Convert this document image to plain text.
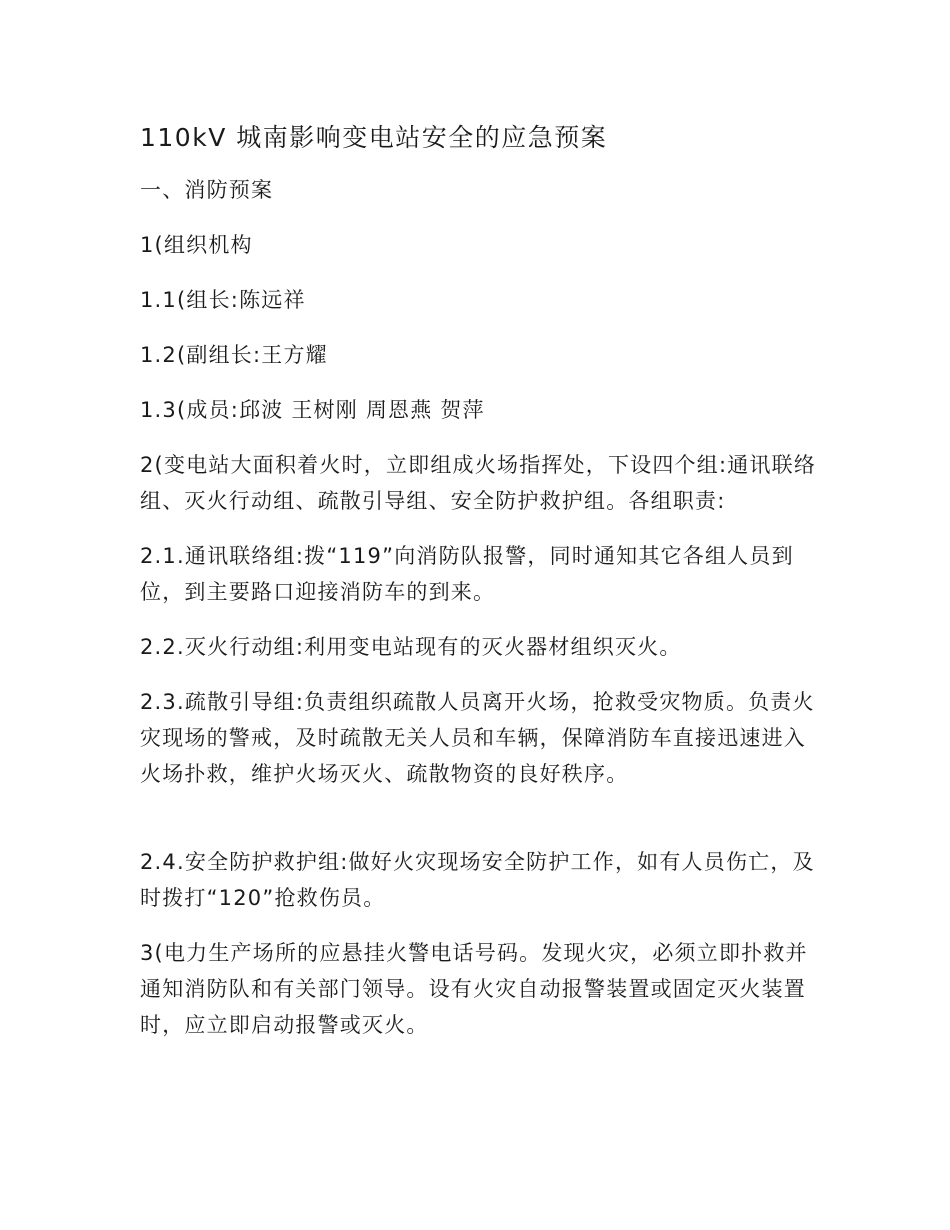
110kV 城南影响变电站安全的应急预案
一、消防预案
1(组织机构
1.1(组长:陈远祥
1.2(副组长:王方耀
1.3(成员:邱波 王树刚 周恩燕 贺萍
2(变电站大面积着火时，立即组成火场指挥处，下设四个组:通讯联络组、灭火行动组、疏散引导组、安全防护救护组。各组职责:
2.1.通讯联络组:拨“119”向消防队报警，同时通知其它各组人员到位，到主要路口迎接消防车的到来。
2.2.灭火行动组:利用变电站现有的灭火器材组织灭火。
2.3.疏散引导组:负责组织疏散人员离开火场，抢救受灾物质。负责火灾现场的警戒，及时疏散无关人员和车辆，保障消防车直接迅速进入火场扑救，维护火场灭火、疏散物资的良好秩序。
2.4.安全防护救护组:做好火灾现场安全防护工作，如有人员伤亡，及时拨打“120”抢救伤员。
3(电力生产场所的应悬挂火警电话号码。发现火灾，必须立即扑救并通知消防队和有关部门领导。设有火灾自动报警装置或固定灭火装置时，应立即启动报警或灭火。
